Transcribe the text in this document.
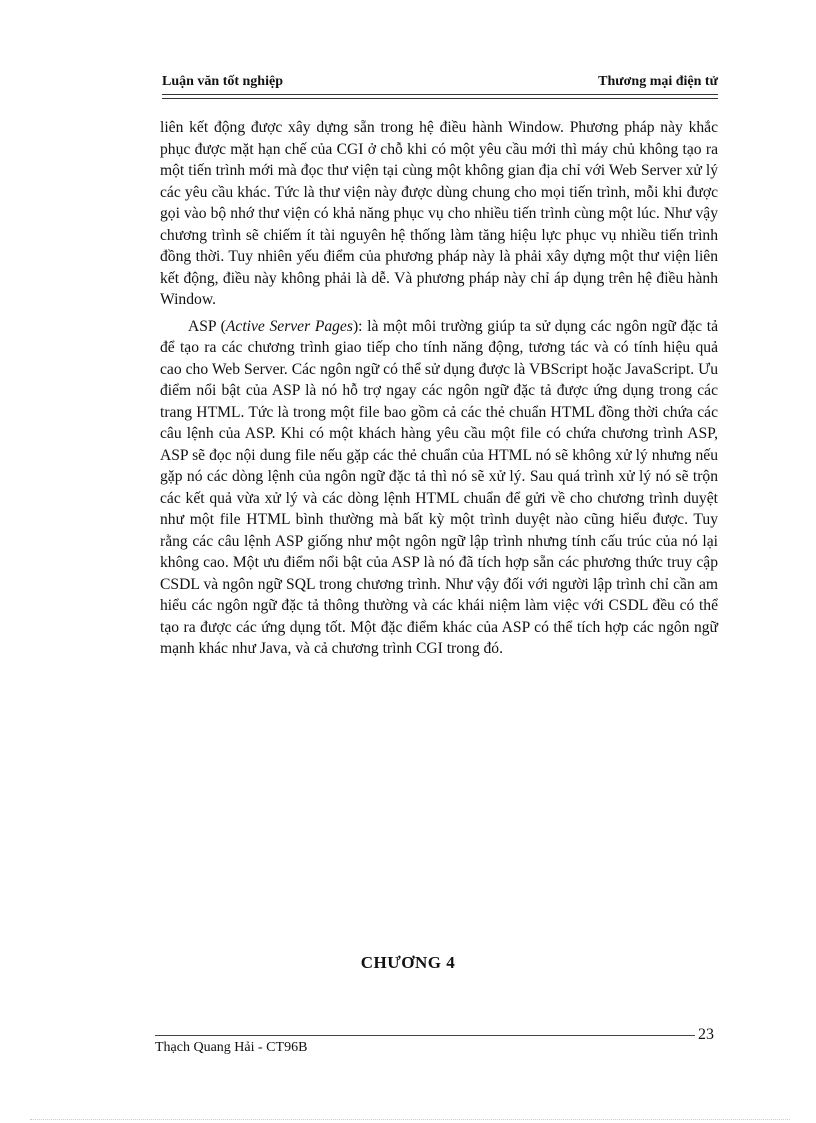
Luận văn tốt nghiệp	Thương mại điện tử

liên kết động được xây dựng sẵn trong hệ điều hành Window. Phương pháp này khắc phục được mặt hạn chế của CGI ở chỗ khi có một yêu cầu mới thì máy chủ không tạo ra một tiến trình mới mà đọc thư viện tại cùng một không gian địa chỉ với Web Server xử lý các yêu cầu khác. Tức là thư viện này được dùng chung cho mọi tiến trình, mỗi khi được gọi vào bộ nhớ thư viện có khả năng phục vụ cho nhiều tiến trình cùng một lúc. Như vậy chương trình sẽ chiếm ít tài nguyên hệ thống làm tăng hiệu lực phục vụ nhiều tiến trình đồng thời. Tuy nhiên yếu điểm của phương pháp này là phải xây dựng một thư viện liên kết động, điều này không phải là dễ. Và phương pháp này chỉ áp dụng trên hệ điều hành Window.

ASP (Active Server Pages): là một môi trường giúp ta sử dụng các ngôn ngữ đặc tả để tạo ra các chương trình giao tiếp cho tính năng động, tương tác và có tính hiệu quả cao cho Web Server. Các ngôn ngữ có thể sử dụng được là VBScript hoặc JavaScript. Ưu điểm nổi bật của ASP là nó hỗ trợ ngay các ngôn ngữ đặc tả được ứng dụng trong các trang HTML. Tức là trong một file bao gồm cả các thẻ chuẩn HTML đồng thời chứa các câu lệnh của ASP. Khi có một khách hàng yêu cầu một file có chứa chương trình ASP, ASP sẽ đọc nội dung file nếu gặp các thẻ chuẩn của HTML nó sẽ không xử lý nhưng nếu gặp nó các dòng lệnh của ngôn ngữ đặc tả thì nó sẽ xử lý. Sau quá trình xử lý nó sẽ trộn các kết quả vừa xử lý và các dòng lệnh HTML chuẩn để gửi về cho chương trình duyệt như một file HTML bình thường mà bất kỳ một trình duyệt nào cũng hiểu được. Tuy rằng các câu lệnh ASP giống như một ngôn ngữ lập trình nhưng tính cấu trúc của nó lại không cao. Một ưu điểm nổi bật của ASP là nó đã tích hợp sẵn các phương thức truy cập CSDL và ngôn ngữ SQL trong chương trình. Như vậy đối với người lập trình chỉ cần am hiểu các ngôn ngữ đặc tả thông thường và các khái niệm làm việc với CSDL đều có thể tạo ra được các ứng dụng tốt. Một đặc điểm khác của ASP có thể tích hợp các ngôn ngữ mạnh khác như Java, và cả chương trình CGI trong đó.

CHƯƠNG 4
23
Thạch Quang Hải - CT96B
